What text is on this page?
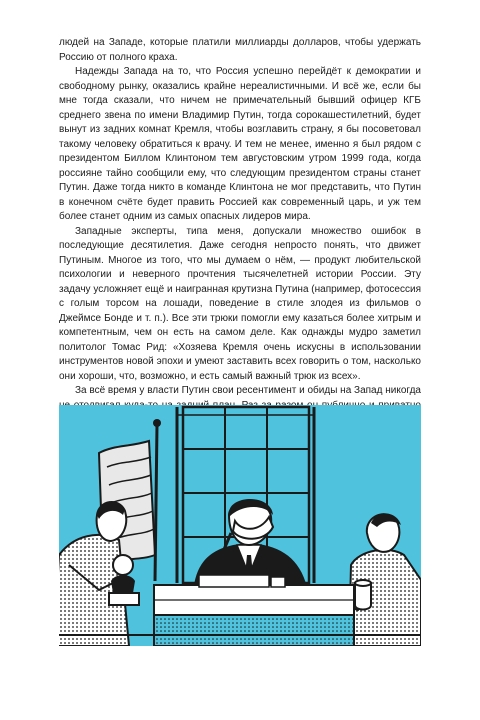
людей на Западе, которые платили миллиарды долларов, чтобы удержать Россию от полного краха.

Надежды Запада на то, что Россия успешно перейдёт к демократии и свободному рынку, оказались крайне нереалистичными. И всё же, если бы мне тогда сказали, что ничем не примечательный бывший офицер КГБ среднего звена по имени Владимир Путин, тогда сорокашестилетний, будет вынут из задних комнат Кремля, чтобы возглавить страну, я бы посоветовал такому человеку обратиться к врачу. И тем не менее, именно я был рядом с президентом Биллом Клинтоном тем августовским утром 1999 года, когда россияне тайно сообщили ему, что следующим президентом страны станет Путин. Даже тогда никто в команде Клинтона не мог представить, что Путин в конечном счёте будет править Россией как современный царь, и уж тем более станет одним из самых опасных лидеров мира.

Западные эксперты, типа меня, допускали множество ошибок в последующие десятилетия. Даже сегодня непросто понять, что движет Путиным. Многое из того, что мы думаем о нём, — продукт любительской психологии и неверного прочтения тысячелетней истории России. Эту задачу усложняет ещё и наигранная крутизна Путина (например, фотосессия с голым торсом на лошади, поведение в стиле злодея из фильмов о Джеймсе Бонде и т. п.). Все эти трюки помогли ему казаться более хитрым и компетентным, чем он есть на самом деле. Как однажды мудро заметил политолог Томас Рид: «Хозяева Кремля очень искусны в использовании инструментов новой эпохи и умеют заставить всех говорить о том, насколько они хороши, что, возможно, и есть самый важный трюк из всех».

За всё время у власти Путин свои ресентимент и обиды на Запад никогда
